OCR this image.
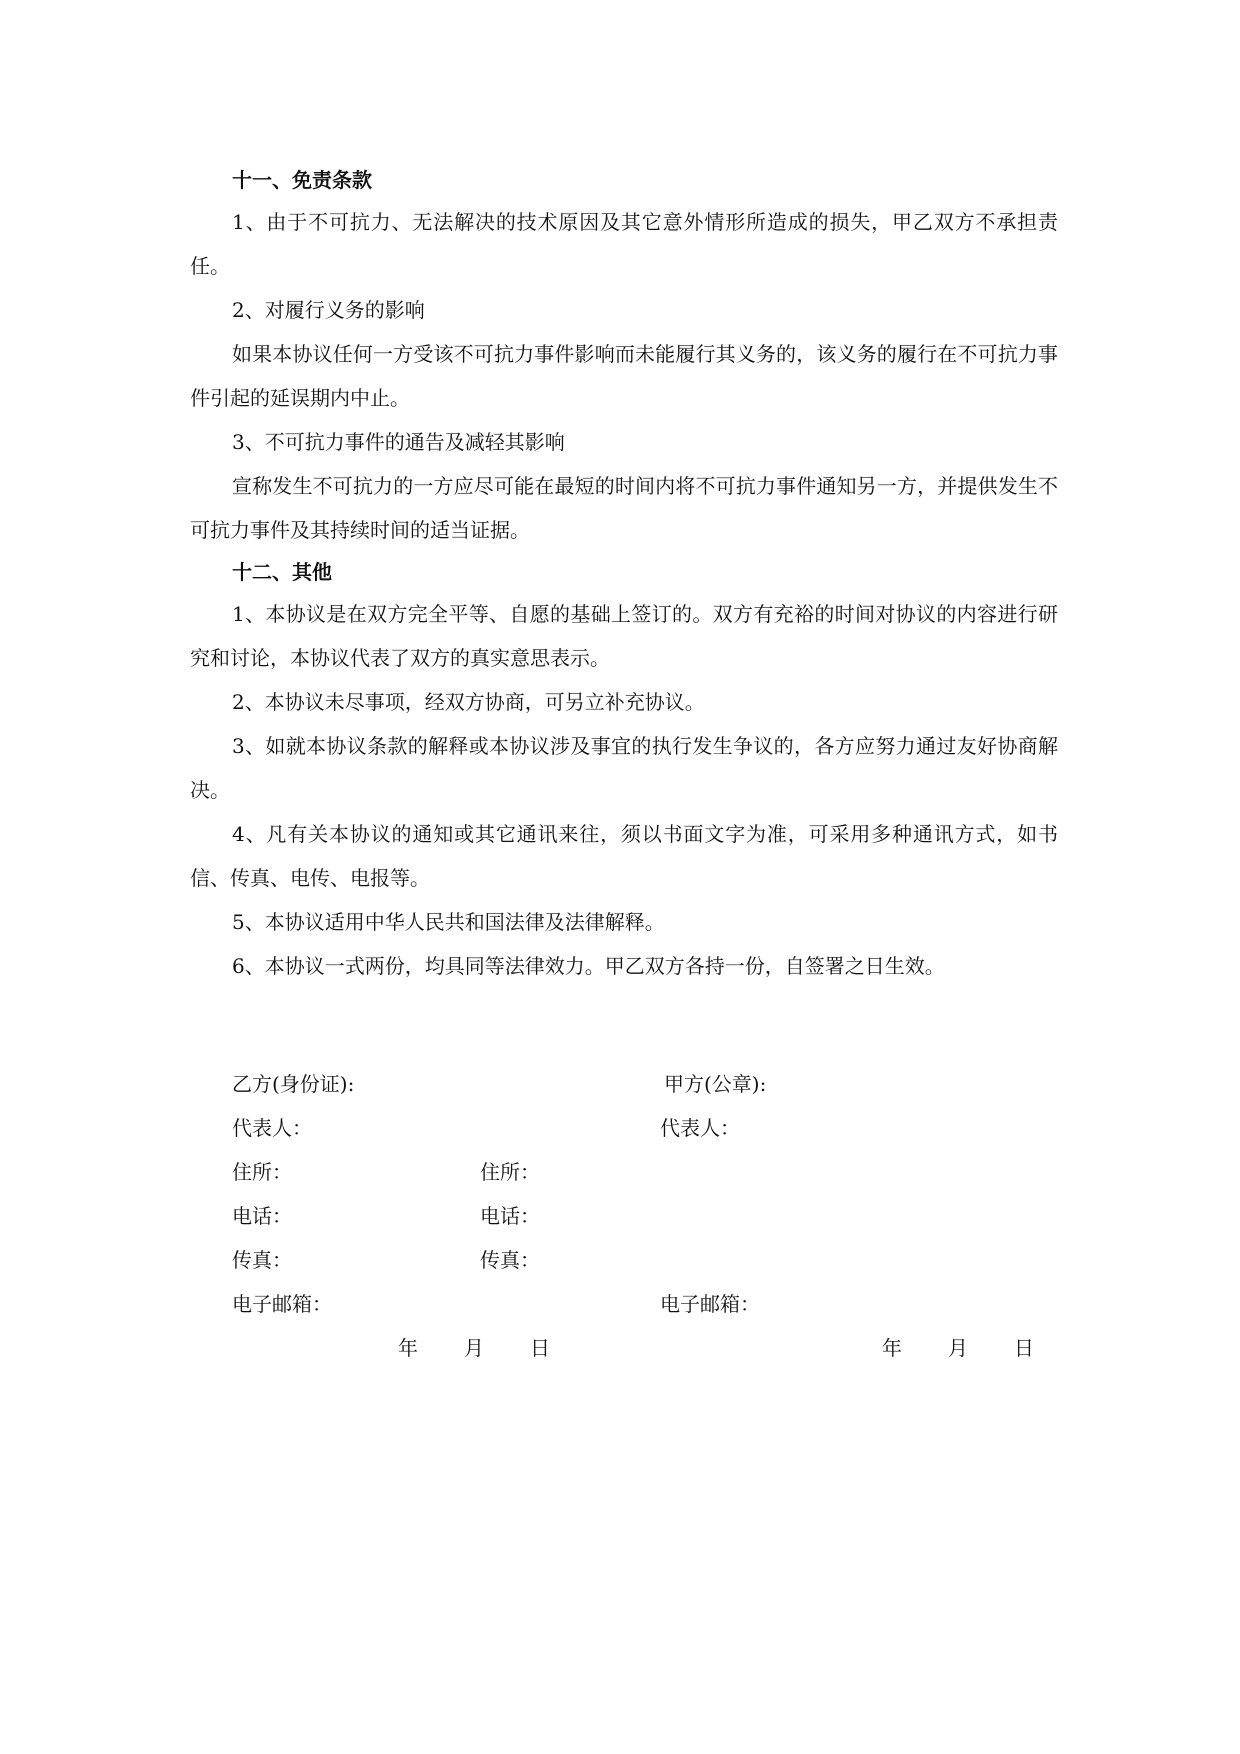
十一、免责条款

1、由于不可抗力、无法解决的技术原因及其它意外情形所造成的损失，甲乙双方不承担责任。

2、对履行义务的影响

如果本协议任何一方受该不可抗力事件影响而未能履行其义务的，该义务的履行在不可抗力事件引起的延误期内中止。

3、不可抗力事件的通告及减轻其影响

宣称发生不可抗力的一方应尽可能在最短的时间内将不可抗力事件通知另一方，并提供发生不可抗力事件及其持续时间的适当证据。

十二、其他

1、本协议是在双方完全平等、自愿的基础上签订的。双方有充裕的时间对协议的内容进行研究和讨论，本协议代表了双方的真实意思表示。

2、本协议未尽事项，经双方协商，可另立补充协议。

3、如就本协议条款的解释或本协议涉及事宜的执行发生争议的，各方应努力通过友好协商解决。

4、凡有关本协议的通知或其它通讯来往，须以书面文字为准，可采用多种通讯方式，如书信、传真、电传、电报等。

5、本协议适用中华人民共和国法律及法律解释。

6、本协议一式两份，均具同等法律效力。甲乙双方各持一份，自签署之日生效。

乙方(身份证):	甲方(公章):
代表人：	代表人：
住所：	住所：
电话：	电话：
传真：	传真：
电子邮箱：	电子邮箱：
年 月 日	年 月 日
